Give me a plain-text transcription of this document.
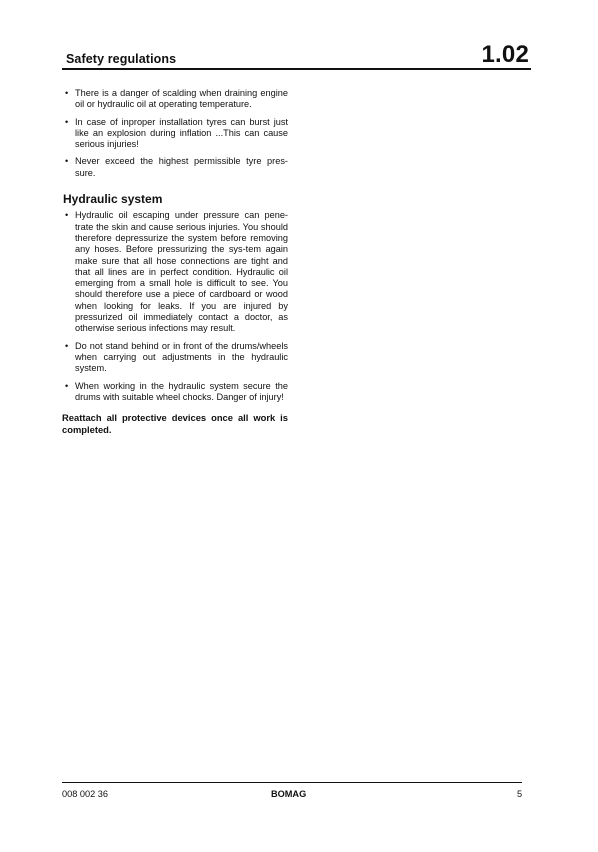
Safety regulations	1.02
• There is a danger of scalding when draining engine oil or hydraulic oil at operating temperature.
• In case of inproper installation tyres can burst just like an explosion during inflation ...This can cause serious injuries!
• Never exceed the highest permissible tyre pres-sure.
Hydraulic system
• Hydraulic oil escaping under pressure can pene-trate the skin and cause serious injuries. You should therefore depressurize the system before removing any hoses. Before pressurizing the sys-tem again make sure that all hose connections are tight and that all lines are in perfect condition. Hydraulic oil emerging from a small hole is difficult to see. You should therefore use a piece of cardboard or wood when looking for leaks. If you are injured by pressurized oil immediately contact a doctor, as otherwise serious infections may result.
• Do not stand behind or in front of the drums/wheels when carrying out adjustments in the hydraulic system.
• When working in the hydraulic system secure the drums with suitable wheel chocks. Danger of injury!
Reattach all protective devices once all work is completed.
008 002 36	BOMAG	5
